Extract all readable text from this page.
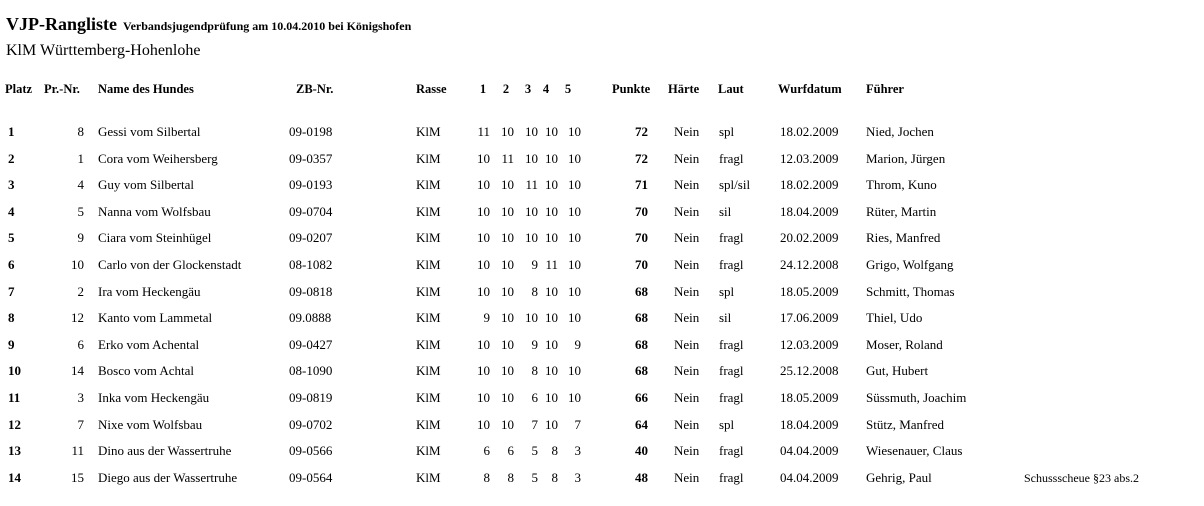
VJP-Rangliste Verbandsjugendprüfung am 10.04.2010 bei Königshofen
KlM Württemberg-Hohenlohe
Platz Pr.-Nr. Name des Hundes	ZB-Nr.	Rasse	1 2 3 4 5	Punkte Härte Laut	Wurfdatum Führer
1	8 Gessi vom Silbertal	09-0198	KlM	11 10 10 10 10	72 Nein	spl	18.02.2009	Nied, Jochen
2	1 Cora vom Weihersberg	09-0357	KlM	10 11 10 10 10	72 Nein	fragl	12.03.2009	Marion, Jürgen
3	4 Guy vom Silbertal	09-0193	KlM	10 10 11 10 10	71 Nein	spl/sil	18.02.2009	Throm, Kuno
4	5 Nanna vom Wolfsbau	09-0704	KlM	10 10 10 10 10	70 Nein	sil	18.04.2009	Rüter, Martin
5	9 Ciara vom Steinhügel	09-0207	KlM	10 10 10 10 10	70 Nein	fragl	20.02.2009	Ries, Manfred
6	10 Carlo von der Glockenstadt	08-1082	KlM	10 10	9 11 10	70 Nein	fragl	24.12.2008	Grigo, Wolfgang
7	2 Ira vom Heckengäu	09-0818	KlM	10 10	8 10 10	68 Nein	spl	18.05.2009	Schmitt, Thomas
8	12 Kanto vom Lammetal	09.0888	KlM	9 10 10 10 10	68 Nein	sil	17.06.2009	Thiel, Udo
9	6 Erko vom Achental	09-0427	KlM	10 10	9 10	9	68 Nein	fragl	12.03.2009	Moser, Roland
10	14 Bosco vom Achtal	08-1090	KlM	10 10	8 10 10	68 Nein	fragl	25.12.2008	Gut, Hubert
11	3 Inka vom Heckengäu	09-0819	KlM	10 10	6 10 10	66 Nein	fragl	18.05.2009	Süssmuth, Joachim
12	7 Nixe vom Wolfsbau	09-0702	KlM	10 10	7 10	7	64 Nein	spl	18.04.2009	Stütz, Manfred
13	11 Dino aus der Wassertruhe	09-0566	KlM	6	6	5	8	3	40 Nein	fragl	04.04.2009	Wiesenauer, Claus
14	15 Diego aus der Wassertruhe	09-0564	KlM	8	8	5	8	3	48 Nein	fragl	04.04.2009	Gehrig, Paul	Schussscheue §23 abs.2
